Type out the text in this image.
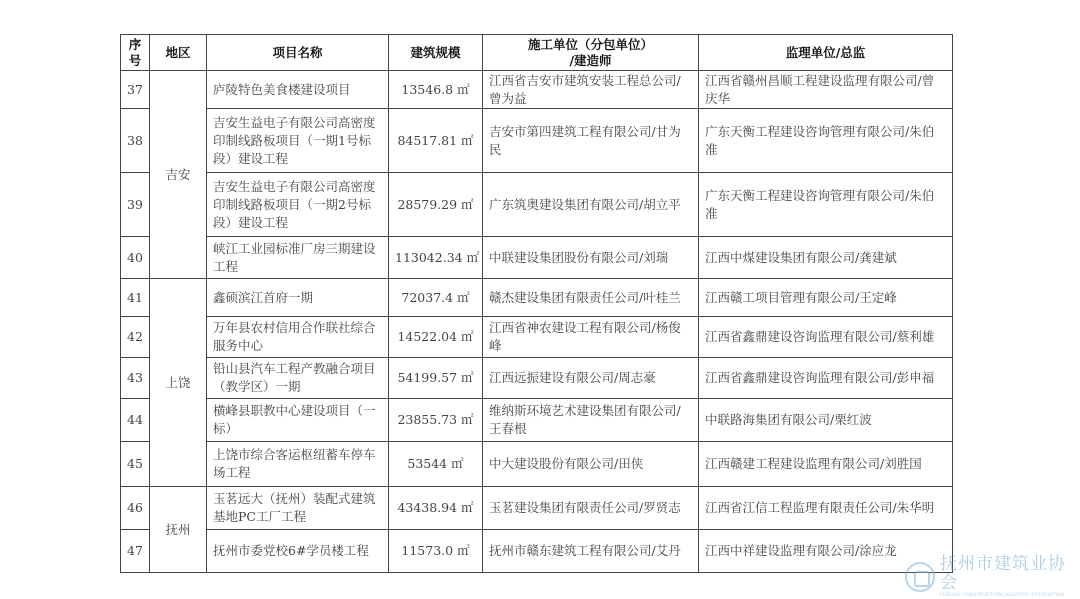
序号	地区	项目名称	建筑规模	施工单位（分包单位）
/建造师	监理单位/总监
37	吉安	庐陵特色美食楼建设项目	13546.8 ㎡	江西省吉安市建筑安装工程总公司/曾为益	江西省赣州昌顺工程建设监理有限公司/曾庆华
38		吉安生益电子有限公司高密度印制线路板项目（一期1号标段）建设工程	84517.81 ㎡	吉安市第四建筑工程有限公司/甘为民	广东天衡工程建设咨询管理有限公司/朱伯准
39		吉安生益电子有限公司高密度印制线路板项目（一期2号标段）建设工程	28579.29 ㎡	广东筑奥建设集团有限公司/胡立平	广东天衡工程建设咨询管理有限公司/朱伯准
40		峡江工业园标准厂房三期建设工程	113042.34 ㎡	中联建设集团股份有限公司/刘瑞	江西中煤建设集团有限公司/龚建斌
41	上饶	鑫硕滨江首府一期	72037.4 ㎡	赣杰建设集团有限责任公司/叶桂兰	江西赣工项目管理有限公司/王定峰
42		万年县农村信用合作联社综合服务中心	14522.04 ㎡	江西省神农建设工程有限公司/杨俊峰	江西省鑫鼎建设咨询监理有限公司/蔡利雄
43		铅山县汽车工程产教融合项目（教学区）一期	54199.57 ㎡	江西远振建设有限公司/周志豪	江西省鑫鼎建设咨询监理有限公司/彭申福
44		横峰县职教中心建设项目（一标）	23855.73 ㎡	维纳斯环境艺术建设集团有限公司/王春根	中联路海集团有限公司/栗红波
45		上饶市综合客运枢纽蓄车停车场工程	53544 ㎡	中大建设股份有限公司/田侠	江西赣建工程建设监理有限公司/刘胜国
46	抚州	玉茗远大（抚州）装配式建筑基地PC工厂工程	43438.94 ㎡	玉茗建设集团有限责任公司/罗贤志	江西省江信工程监理有限责任公司/朱华明
47		抚州市委党校6#学员楼工程	11573.0 ㎡	抚州市赣东建筑工程有限公司/艾丹	江西中祥建设监理有限公司/涂应龙
抚州市建筑业协会
FUZHOU CONSTRUCTION INDUSTRY ASSOCIATION
